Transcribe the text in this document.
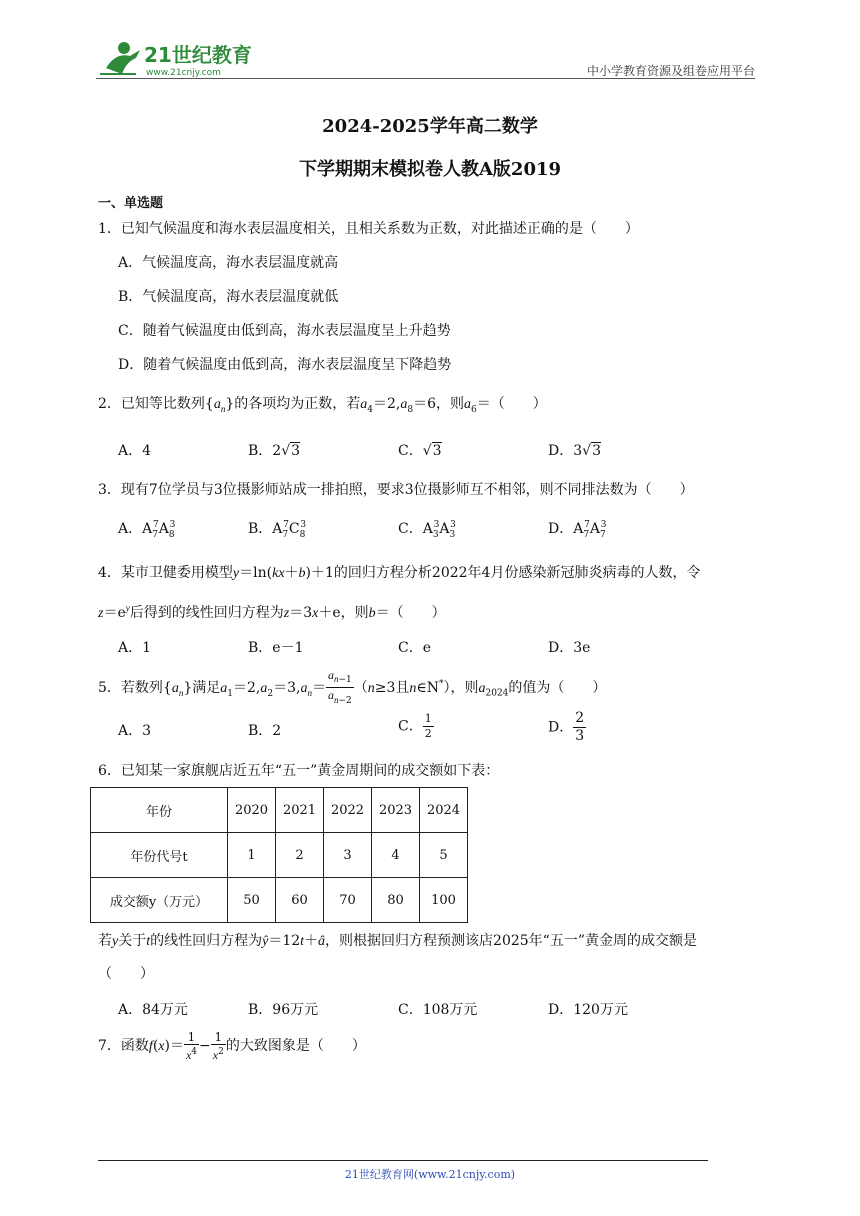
21世纪教育
www.21cnjy.com	中小学教育资源及组卷应用平台
2024-2025学年高二数学
下学期期末模拟卷人教A版2019
一、单选题
1．已知气候温度和海水表层温度相关，且相关系数为正数，对此描述正确的是（　　）
A．气候温度高，海水表层温度就高
B．气候温度高，海水表层温度就低
C．随着气候温度由低到高，海水表层温度呈上升趋势
D．随着气候温度由低到高，海水表层温度呈下降趋势
2．已知等比数列$\{a_n\}$的各项均为正数，若$a_4=2,a_8=6$，则$a_6=$（　　）
A．4	B．2√3	C．√3	D．3√3
3．现有7位学员与3位摄影师站成一排拍照，要求3位摄影师互不相邻，则不同排法数为（　　）
A．$A_7^7A_8^3$	B．$A_7^7C_8^3$	C．$A_3^3A_3^3$	D．$A_7^7A_7^3$
4．某市卫健委用模型y＝ln(kx＋b)＋1的回归方程分析2022年4月份感染新冠肺炎病毒的人数，令
$z=e^y$后得到的线性回归方程为z＝3x＋e，则b＝（　　）
A．1	B．e－1	C．e	D．3e
5．若数列$\{a_n\}$满足$a_1=2,a_2=3,a_n= \frac{a_{n-1}}{a_{n-2}} (n\ge 3$且n∈N*），则$a_{2024}$的值为（　　）
A．3	B．2	C． $\frac{1}{2}$	D． $\frac{2}{3}$
6．已知某一家旗舰店近五年“五一”黄金周期间的成交额如下表：
年份	2020	2021	2022	2023	2024
年份代号t	1	2	3	4	5
成交额y（万元）	50	60	70	80	100
若y关于t的线性回归方程为ŷ＝12t＋â，则根据回归方程预测该店2025年“五一”黄金周的成交额是
（　　）
A．84万元	B．96万元	C．108万元	D．120万元
7．函数$f(x)= \frac{1}{x^4} - \frac{1}{x^2}$ 的大致图象是（　　）
21世纪教育网(www.21cnjy.com)
